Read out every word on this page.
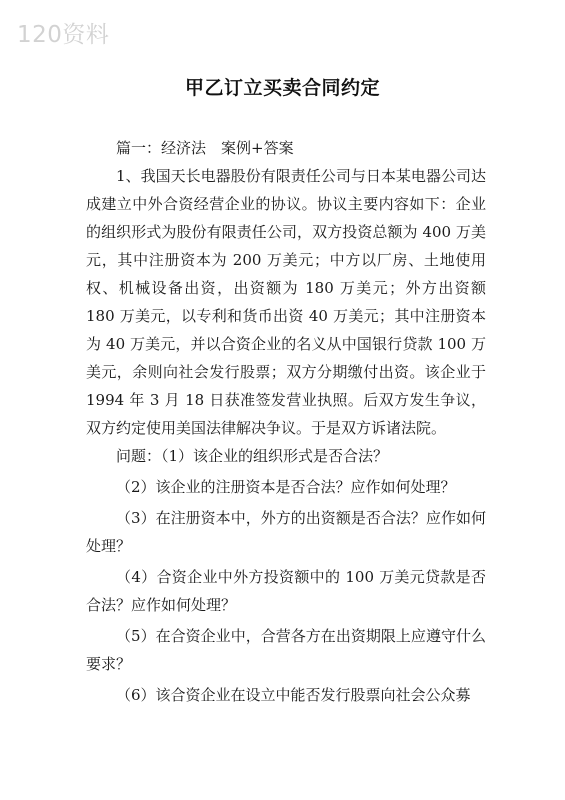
120资料
甲乙订立买卖合同约定

篇一：经济法　案例+答案

1、我国天长电器股份有限责任公司与日本某电器公司达成建立中外合资经营企业的协议。协议主要内容如下：企业的组织形式为股份有限责任公司，双方投资总额为 400 万美元，其中注册资本为 200 万美元；中方以厂房、土地使用权、机械设备出资，出资额为 180 万美元；外方出资额 180 万美元，以专利和货币出资 40 万美元；其中注册资本为 40 万美元，并以合资企业的名义从中国银行贷款 100 万美元，余则向社会发行股票；双方分期缴付出资。该企业于 1994 年 3 月 18 日获准签发营业执照。后双方发生争议，双方约定使用美国法律解决争议。于是双方诉诸法院。

问题：（1）该企业的组织形式是否合法？

（2）该企业的注册资本是否合法？应作如何处理？

（3）在注册资本中，外方的出资额是否合法？应作如何处理？

（4）合资企业中外方投资额中的 100 万美元贷款是否合法？应作如何处理？

（5）在合资企业中，合营各方在出资期限上应遵守什么要求？

（6）该合资企业在设立中能否发行股票向社会公众募
